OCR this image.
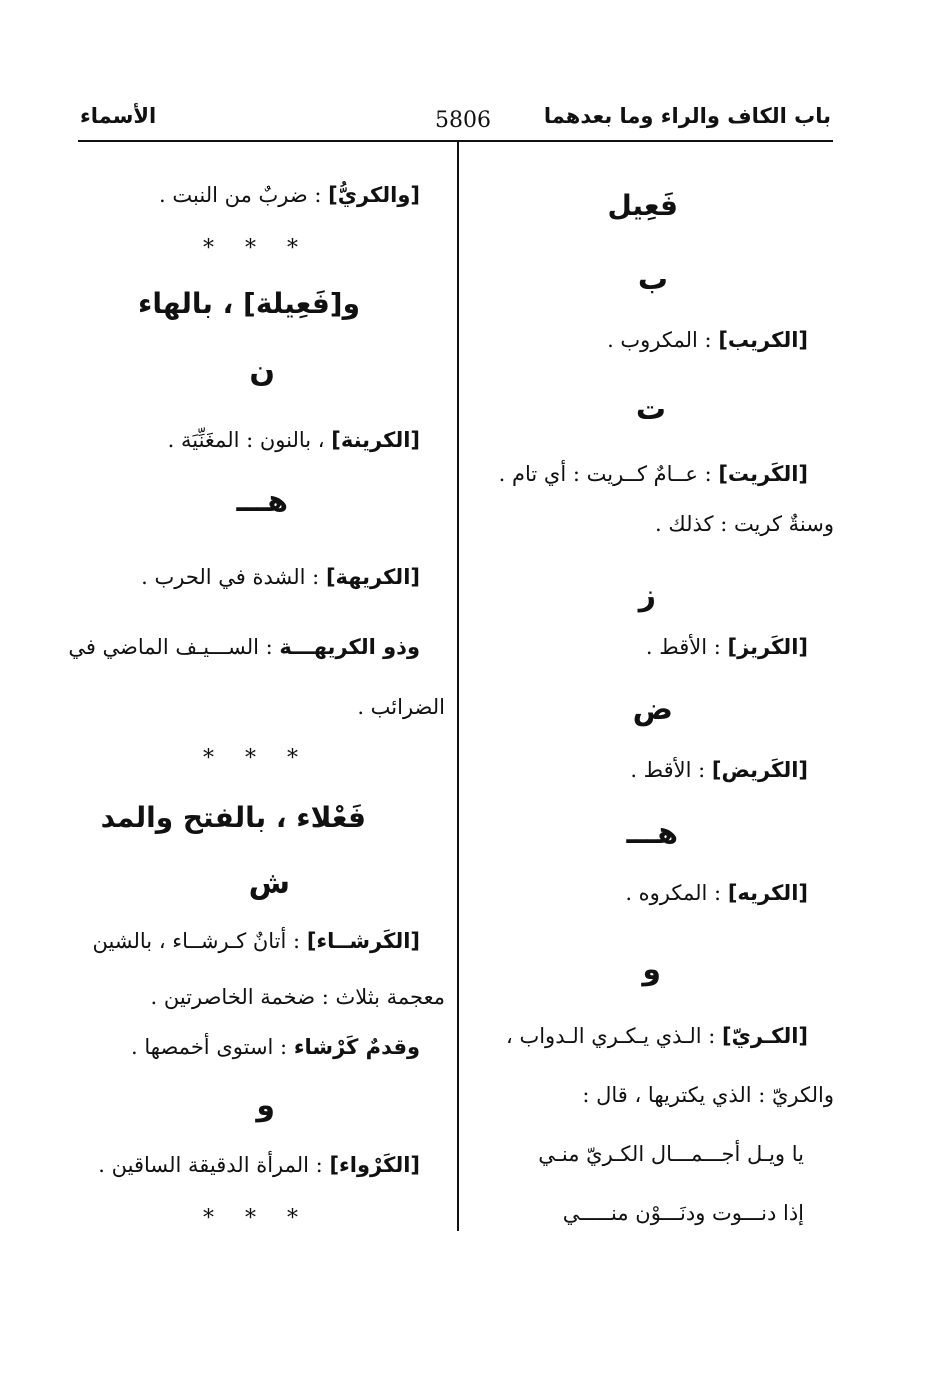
باب الكاف والراء وما بعدهما
5806
الأسماء
فَعِيل
ب
[الكريب] : المكروب .
ت
[الكَريت] : عــامٌ كــريت : أي تام .
وسنةٌ كريت : كذلك .
ز
[الكَريز] : الأقط .
ض
[الكَريض] : الأقط .
هـــ
[الكريه] : المكروه .
و
[الكـريّ] : الـذي يـكـري الـدواب ،
والكريّ : الذي يكتريها ، قال :
يا ويـل أجـــمـــال الكـريّ منـي
إذا دنـــوت ودنَـــوْن منـــــي
[والكريُّ] : ضربٌ من النبت .
* * *
و[فَعِيلة] ، بالهاء
ن
[الكرينة] ، بالنون : المغَنِّيَة .
هـــ
[الكريهة] : الشدة في الحرب .
وذو الكريهـــة : الســـيـف الماضي في
الضرائب .
* * *
فَعْلاء ، بالفتح والمد
ش
[الكَرشــاء] : أتانٌ كـرشــاء ، بالشين
معجمة بثلاث : ضخمة الخاصرتين .
وقدمٌ كَرْشاء : استوى أخمصها .
و
[الكَرْواء] : المرأة الدقيقة الساقين .
* * *
